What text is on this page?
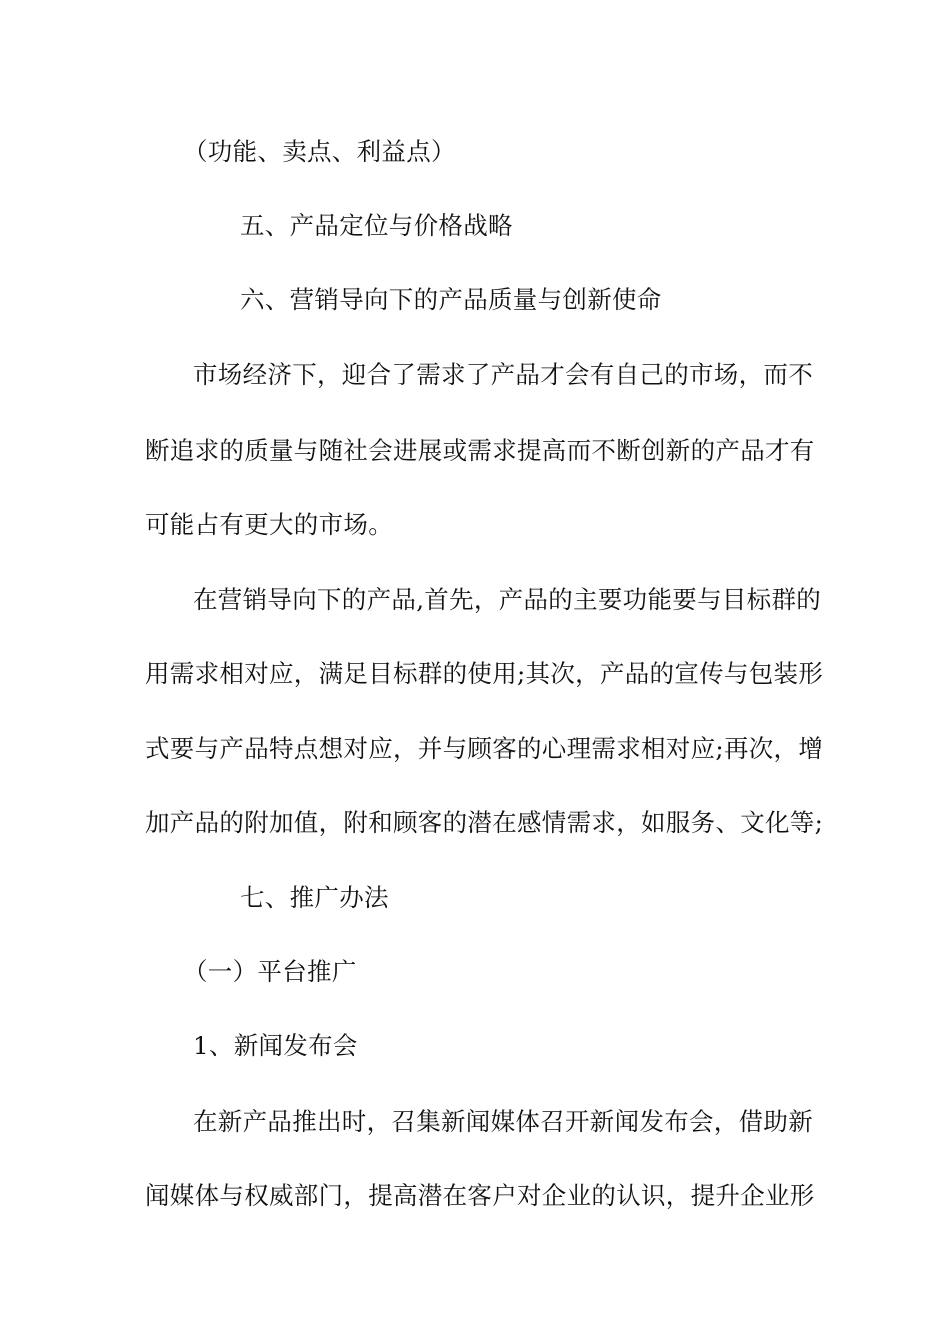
（功能、卖点、利益点）
五、产品定位与价格战略
六、营销导向下的产品质量与创新使命
市场经济下，迎合了需求了产品才会有自己的市场，而不
断追求的质量与随社会进展或需求提高而不断创新的产品才有
可能占有更大的市场。
在营销导向下的产品,首先，产品的主要功能要与目标群的
用需求相对应，满足目标群的使用;其次，产品的宣传与包装形
式要与产品特点想对应，并与顾客的心理需求相对应;再次，增
加产品的附加值，附和顾客的潜在感情需求，如服务、文化等;
七、推广办法
（一）平台推广
1、新闻发布会
在新产品推出时，召集新闻媒体召开新闻发布会，借助新
闻媒体与权威部门，提高潜在客户对企业的认识，提升企业形
